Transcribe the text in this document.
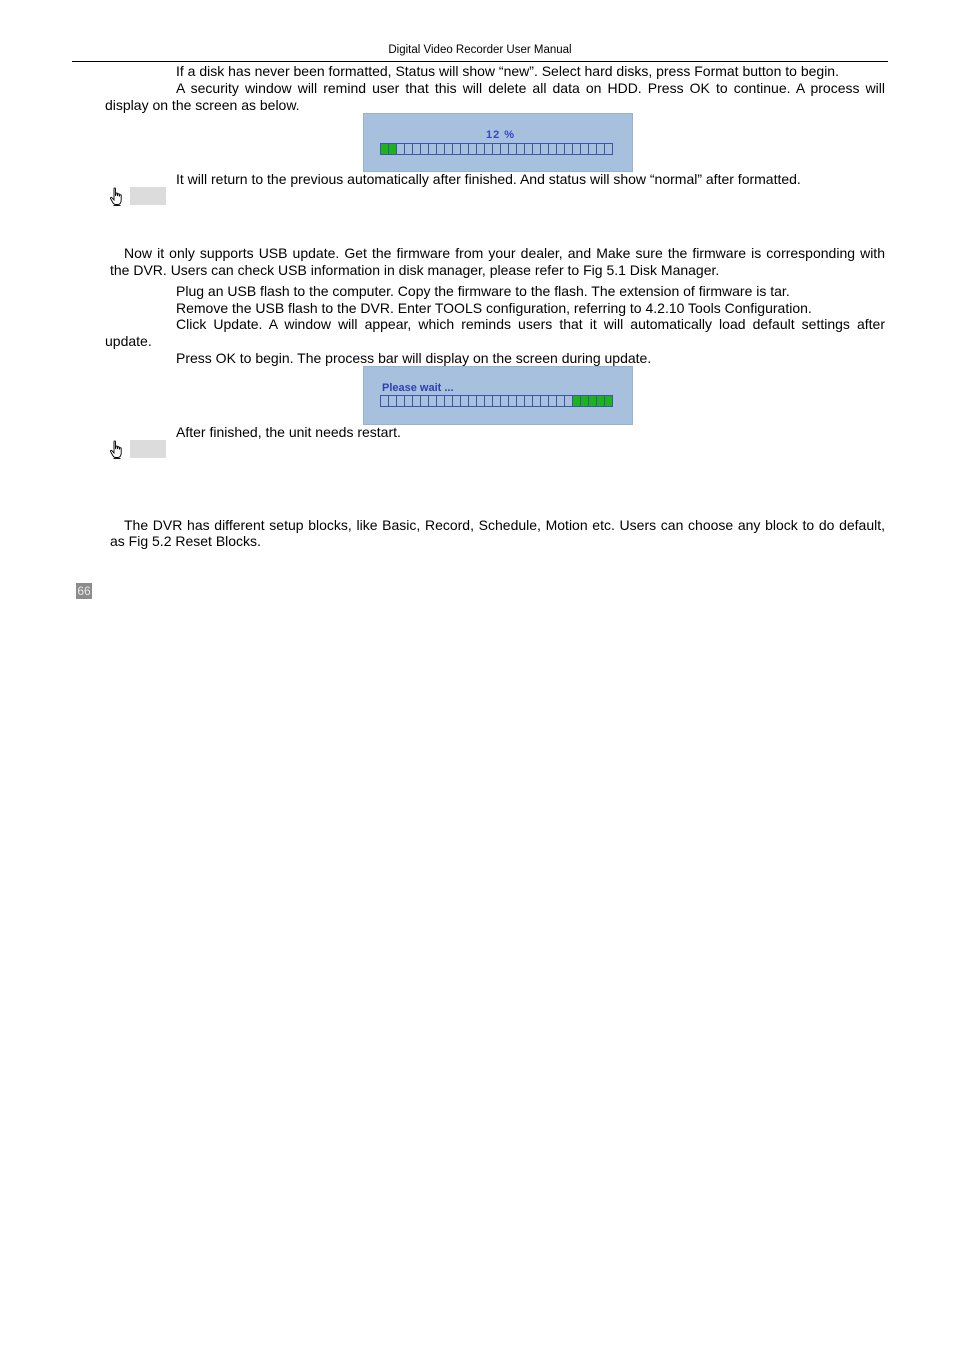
Digital Video Recorder User Manual
If a disk has never been formatted, Status will show “new”. Select hard disks, press Format button to begin.
A security window will remind user that this will delete all data on HDD. Press OK to continue. A process will
display on the screen as below.
12 %
It will return to the previous automatically after finished. And status will show “normal” after formatted.
Now it only supports USB update. Get the firmware from your dealer, and Make sure the firmware is corresponding with
the DVR. Users can check USB information in disk manager, please refer to Fig 5.1 Disk Manager.
Plug an USB flash to the computer. Copy the firmware to the flash. The extension of firmware is tar.
Remove the USB flash to the DVR. Enter TOOLS configuration, referring to 4.2.10 Tools Configuration.
Click Update. A window will appear, which reminds users that it will automatically load default settings after
update.
Press OK to begin. The process bar will display on the screen during update.
Please wait ...
After finished, the unit needs restart.
The DVR has different setup blocks, like Basic, Record, Schedule, Motion etc. Users can choose any block to do default,
as Fig 5.2 Reset Blocks.
66
